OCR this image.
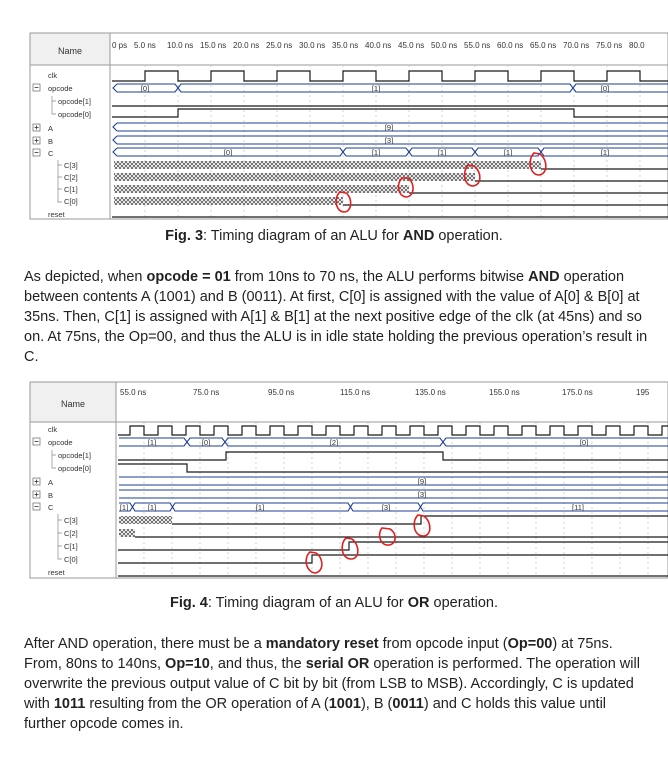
Name
0 ps 5.0 ns 10.0 ns 15.0 ns 20.0 ns 25.0 ns 30.0 ns 35.0 ns 40.0 ns 45.0 ns 50.0 ns 55.0 ns 60.0 ns 65.0 ns 70.0 ns 75.0 ns 80.0
clk
opcode
opcode[1]
opcode[0]
A
B
C
C[3]
C[2]
C[1]
C[0]
reset
[0]	[1]	[0]
[9]
[3]
[0]	[1]	[1]	[1]	[1]
Fig. 3: Timing diagram of an ALU for AND operation.
As depicted, when opcode = 01 from 10ns to 70 ns, the ALU performs bitwise AND operation between contents A (1001) and B (0011). At first, C[0] is assigned with the value of A[0] & B[0] at 35ns. Then, C[1] is assigned with A[1] & B[1] at the next positive edge of the clk (at 45ns) and so on. At 75ns, the Op=00, and thus the ALU is in idle state holding the previous operation’s result in C.
Name
55.0 ns	75.0 ns	95.0 ns	115.0 ns	135.0 ns	155.0 ns	175.0 ns	195
clk
opcode
opcode[1]
opcode[0]
A
B
C
C[3]
C[2]
C[1]
C[0]
reset
[1]	[0]	[2]	[0]
[9]
[3]
[1]	[1]	[1]	[3]	[11]
Fig. 4: Timing diagram of an ALU for OR operation.
After AND operation, there must be a mandatory reset from opcode input (Op=00) at 75ns. From, 80ns to 140ns, Op=10, and thus, the serial OR operation is performed. The operation will overwrite the previous output value of C bit by bit (from LSB to MSB). Accordingly, C is updated with 1011 resulting from the OR operation of A (1001), B (0011) and C holds this value until further opcode comes in.
